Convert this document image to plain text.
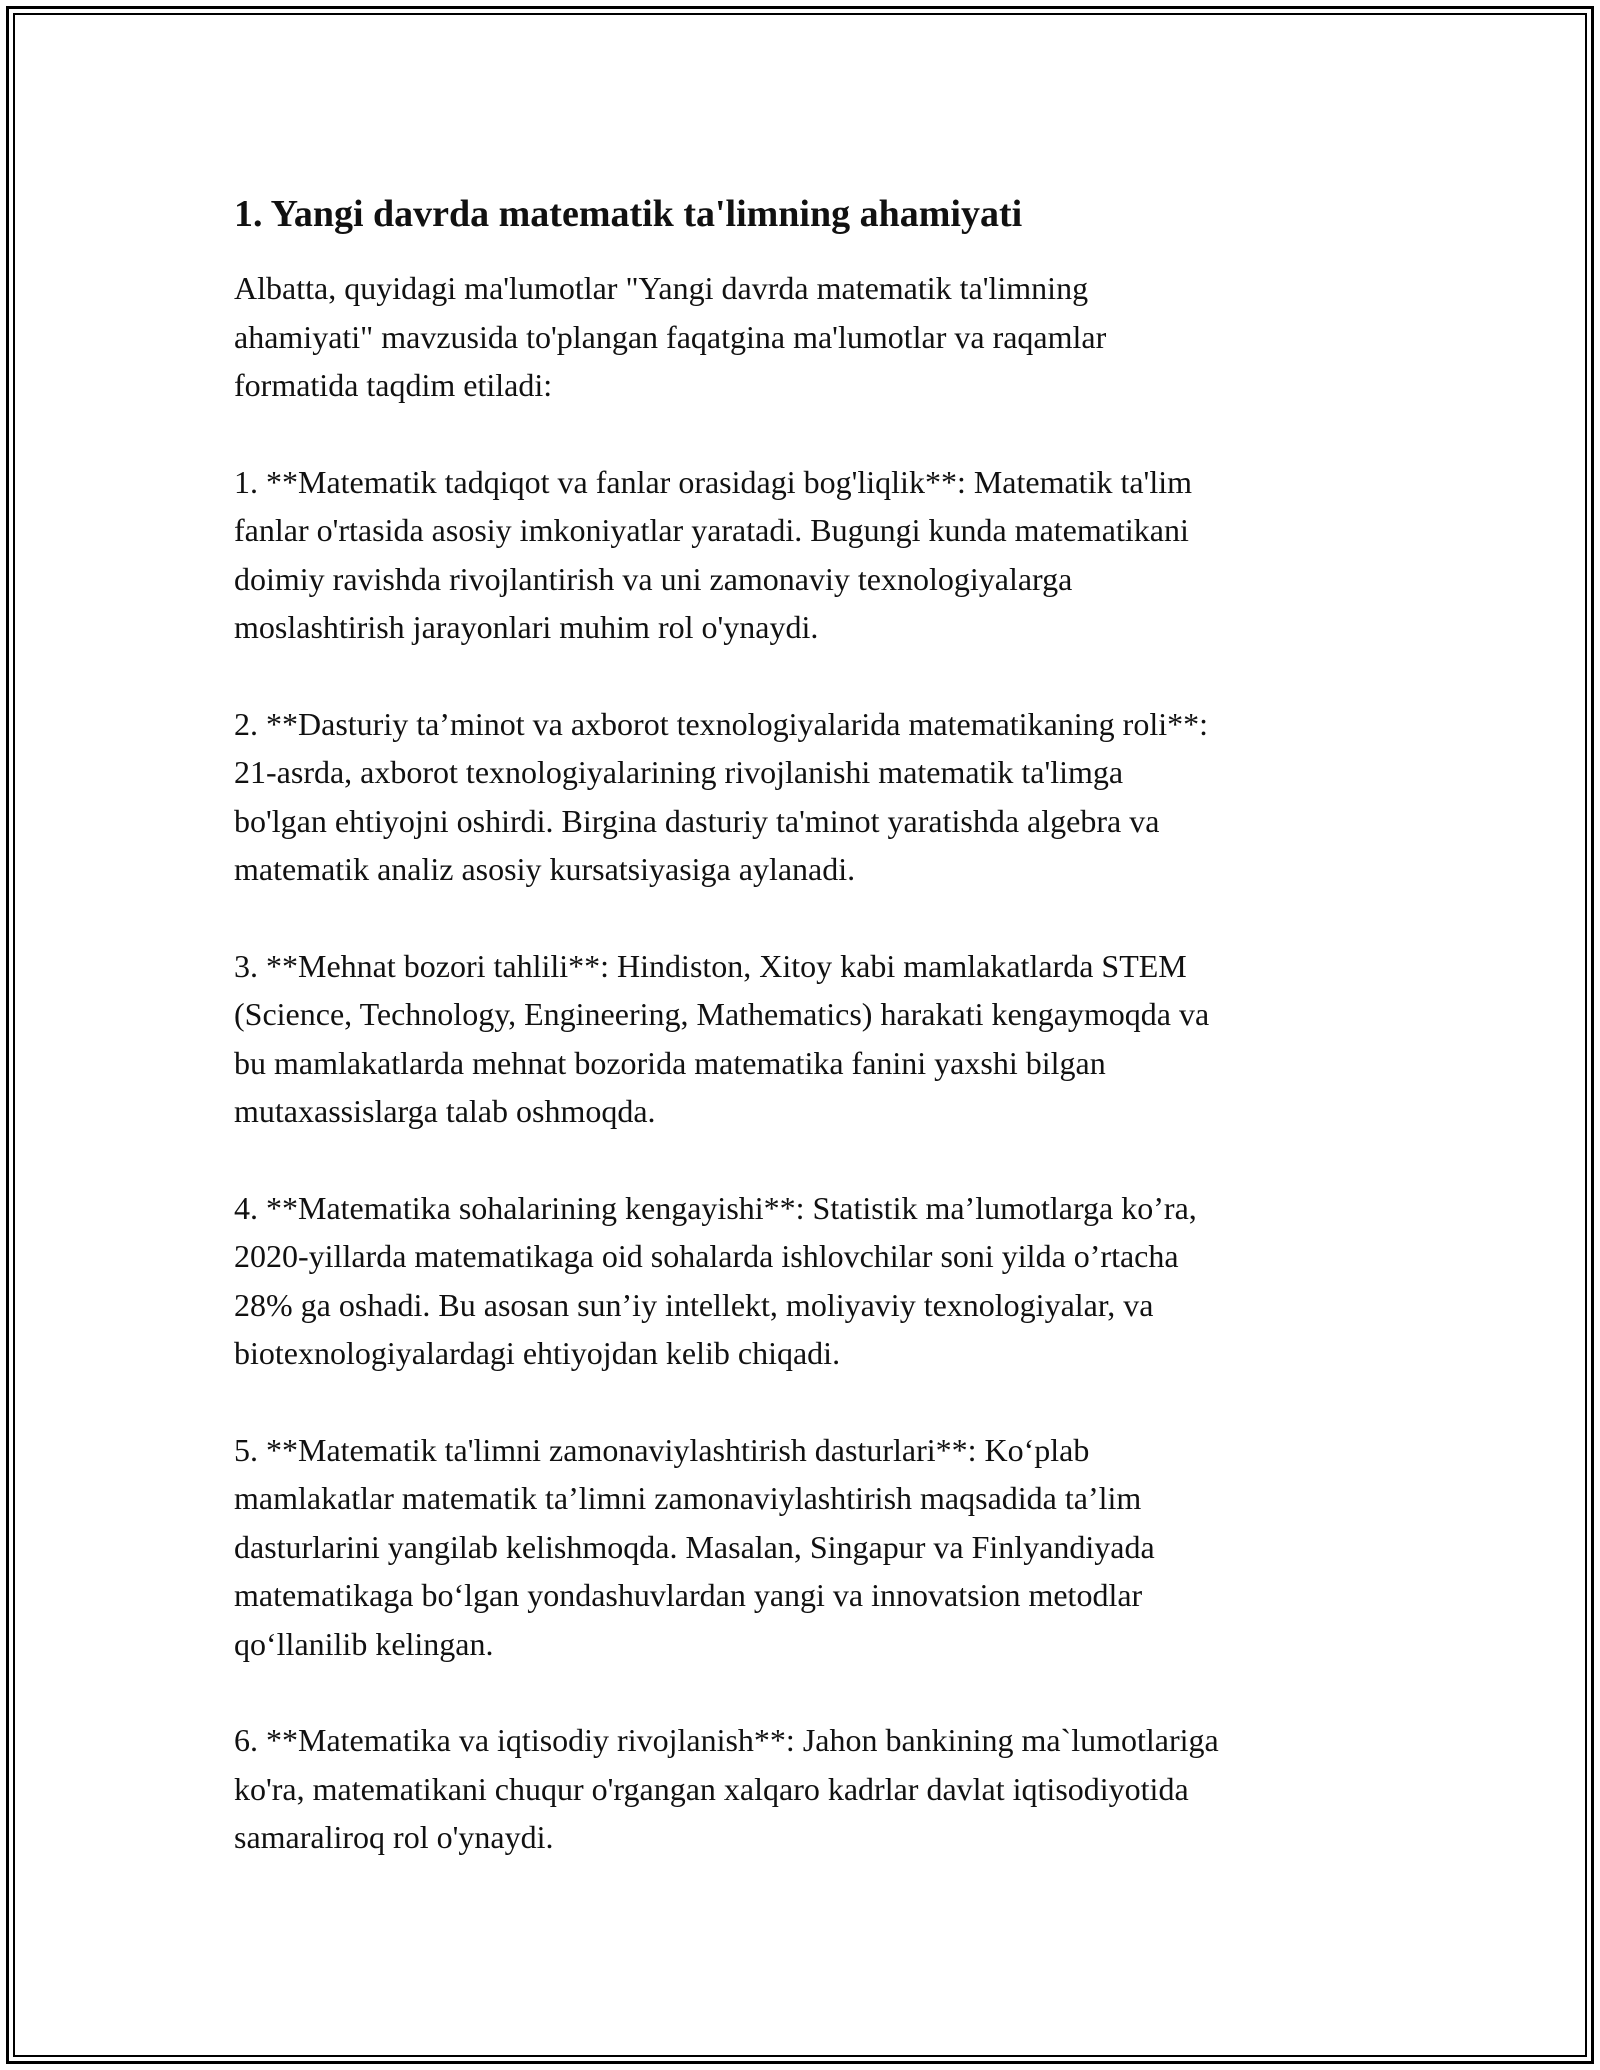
1. Yangi davrda matematik ta'limning ahamiyati

Albatta, quyidagi ma'lumotlar "Yangi davrda matematik ta'limning
ahamiyati" mavzusida to'plangan faqatgina ma'lumotlar va raqamlar
formatida taqdim etiladi:

1. **Matematik tadqiqot va fanlar orasidagi bog'liqlik**: Matematik ta'lim
fanlar o'rtasida asosiy imkoniyatlar yaratadi. Bugungi kunda matematikani
doimiy ravishda rivojlantirish va uni zamonaviy texnologiyalarga
moslashtirish jarayonlari muhim rol o'ynaydi.

2. **Dasturiy ta’minot va axborot texnologiyalarida matematikaning roli**:
21-asrda, axborot texnologiyalarining rivojlanishi matematik ta'limga
bo'lgan ehtiyojni oshirdi. Birgina dasturiy ta'minot yaratishda algebra va
matematik analiz asosiy kursatsiyasiga aylanadi.

3. **Mehnat bozori tahlili**: Hindiston, Xitoy kabi mamlakatlarda STEM
(Science, Technology, Engineering, Mathematics) harakati kengaymoqda va
bu mamlakatlarda mehnat bozorida matematika fanini yaxshi bilgan
mutaxassislarga talab oshmoqda.

4. **Matematika sohalarining kengayishi**: Statistik ma’lumotlarga ko’ra,
2020-yillarda matematikaga oid sohalarda ishlovchilar soni yilda o’rtacha
28% ga oshadi. Bu asosan sun’iy intellekt, moliyaviy texnologiyalar, va
biotexnologiyalardagi ehtiyojdan kelib chiqadi.

5. **Matematik ta'limni zamonaviylashtirish dasturlari**: Koʻplab
mamlakatlar matematik ta’limni zamonaviylashtirish maqsadida ta’lim
dasturlarini yangilab kelishmoqda. Masalan, Singapur va Finlyandiyada
matematikaga boʻlgan yondashuvlardan yangi va innovatsion metodlar
qoʻllanilib kelingan.

6. **Matematika va iqtisodiy rivojlanish**: Jahon bankining ma`lumotlariga
ko'ra, matematikani chuqur o'rgangan xalqaro kadrlar davlat iqtisodiyotida
samaraliroq rol o'ynaydi.
